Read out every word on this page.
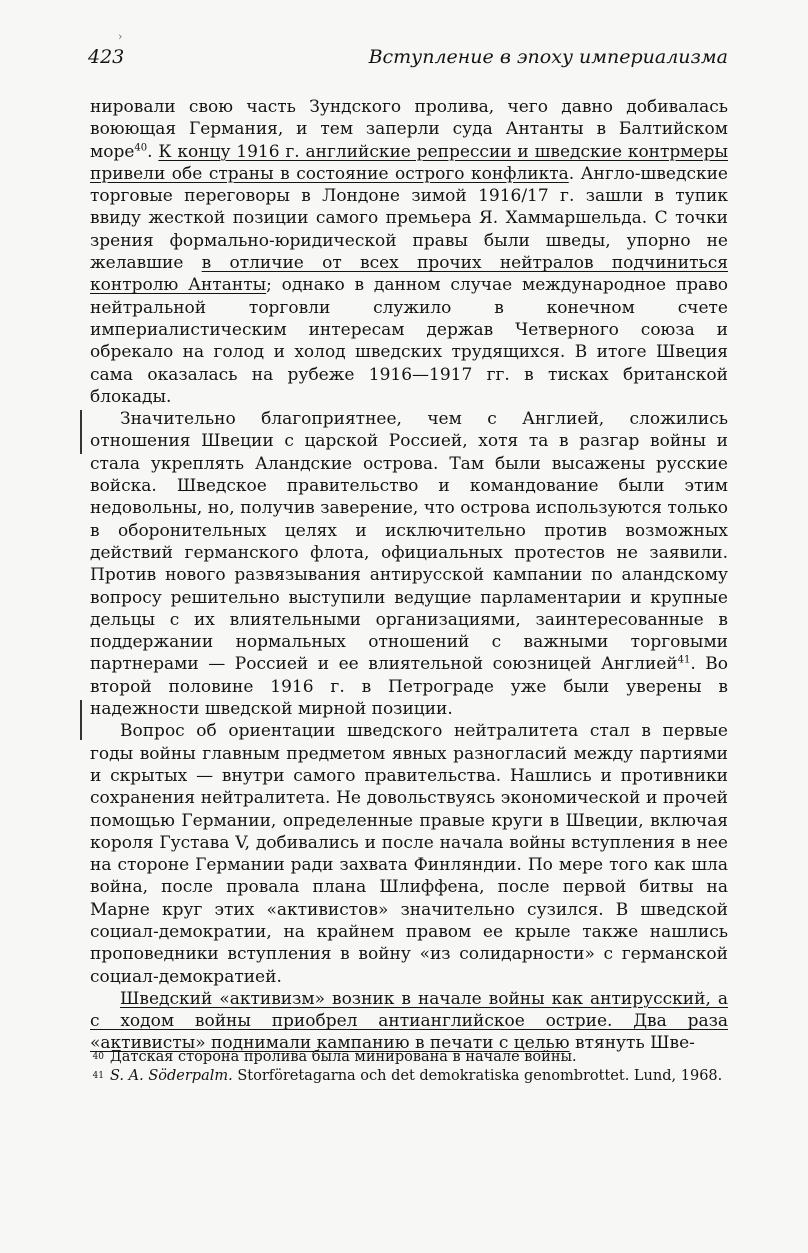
›
423	Вступление в эпоху империализма

нировали свою часть Зундского пролива, чего давно добивалась воюющая Германия, и тем заперли суда Антанты в Балтийском море$^{40}$. К концу 1916 г. английские репрессии и шведские контрмеры привели обе страны в состояние острого конфликта. Англо-шведские торговые переговоры в Лондоне зимой 1916/17 г. зашли в тупик ввиду жесткой позиции самого премьера Я. Хаммаршельда. С точки зрения формально-юридической правы были шведы, упорно не желавшие в отличие от всех прочих нейтралов подчиниться контролю Антанты; однако в данном случае международное право нейтральной торговли служило в конечном счете империалистическим интересам держав Четверного союза и обрекало на голод и холод шведских трудящихся. В итоге Швеция сама оказалась на рубеже 1916—1917 гг. в тисках британской блокады.

Значительно благоприятнее, чем с Англией, сложились отношения Швеции с царской Россией, хотя та в разгар войны и стала укреплять Аландские острова. Там были высажены русские войска. Шведское правительство и командование были этим недовольны, но, получив заверение, что острова используются только в оборонительных целях и исключительно против возможных действий германского флота, официальных протестов не заявили. Против нового развязывания антирусской кампании по аландскому вопросу решительно выступили ведущие парламентарии и крупные дельцы с их влиятельными организациями, заинтересованные в поддержании нормальных отношений с важными торговыми партнерами — Россией и ее влиятельной союзницей Англией$^{41}$. Во второй половине 1916 г. в Петрограде уже были уверены в надежности шведской мирной позиции.

Вопрос об ориентации шведского нейтралитета стал в первые годы войны главным предметом явных разногласий между партиями и скрытых — внутри самого правительства. Нашлись и противники сохранения нейтралитета. Не довольствуясь экономической и прочей помощью Германии, определенные правые круги в Швеции, включая короля Густава V, добивались и после начала войны вступления в нее на стороне Германии ради захвата Финляндии. По мере того как шла война, после провала плана Шлиффена, после первой битвы на Марне круг этих «активистов» значительно сузился. В шведской социал-демократии, на крайнем правом ее крыле также нашлись проповедники вступления в войну «из солидарности» с германской социал-демократией.

Шведский «активизм» возник в начале войны как антирусский, а с ходом войны приобрел антианглийское острие. Два раза «активисты» поднимали кампанию в печати с целью втянуть Шве-

40 Датская сторона пролива была минирована в начале войны.
41 S. A. Söderpalm. Storföretagarna och det demokratiska genombrottet. Lund, 1968.
